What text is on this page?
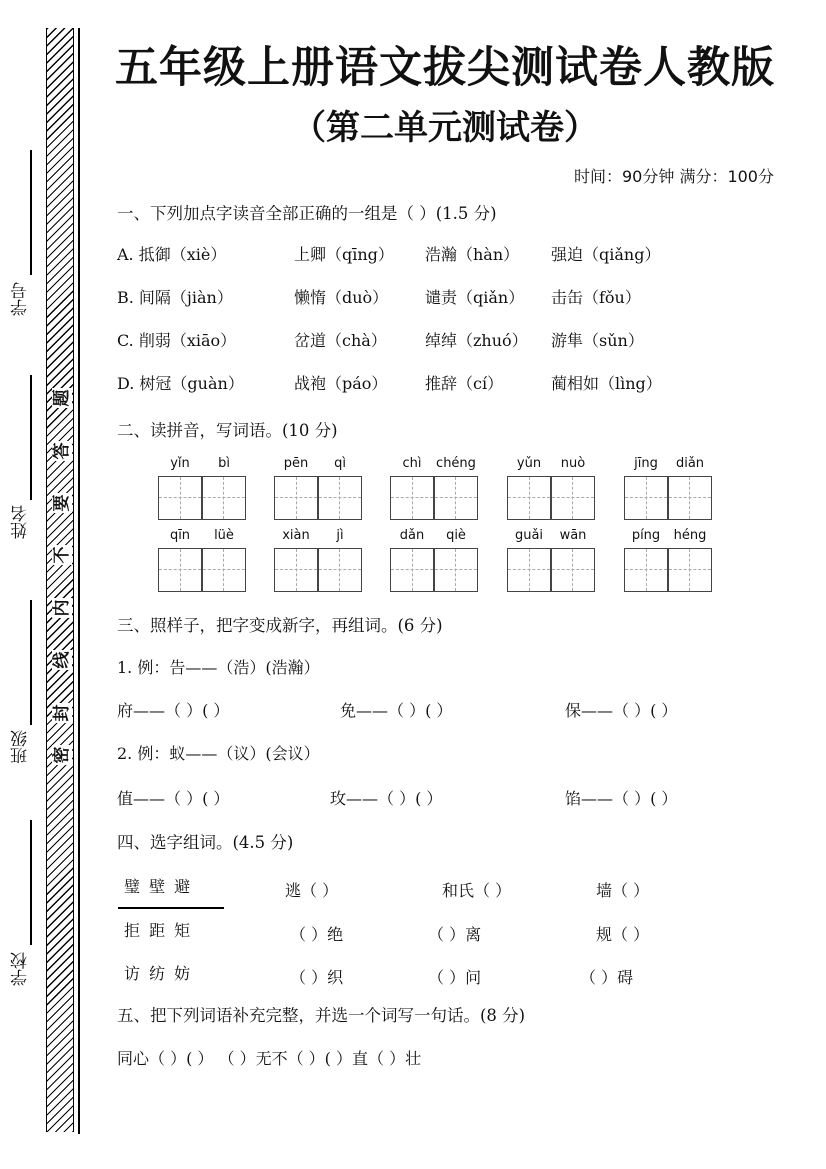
学号
姓名
班级
学校
密
封
线
内
不
要
答
题
五年级上册语文拔尖测试卷人教版
（第二单元测试卷）
时间：90分钟 满分：100分
一、下列加点字读音全部正确的一组是（ ）(1.5 分)
A. 抵御（xiè）	上卿（qīng） 浩瀚（hàn） 强迫（qiǎng）
B. 间隔（jiàn）	懒惰（duò） 谴责（qiǎn） 击缶（fǒu）
C. 削弱（xiāo）	岔道（chà） 绰绰（zhuó） 游隼（sǔn）
D. 树冠（guàn）	战袍（páo） 推辞（cí）	蔺相如（lìng）
二、读拼音，写词语。(10 分)
yǐn	bì	pēn	qì	chì	chéng	yǔn	nuò	jīng	diǎn
qīn	lüè	xiàn	jì	dǎn	qiè	guǎi	wān	píng	héng
三、照样子，把字变成新字，再组词。(6 分)
1. 例：告——（浩）(浩瀚）
府——（ ）( ）	免——（ ）( ）	保——（ ）( ）
2. 例：蚁——（议）(会议）
值——（ ）( ）	玫——（ ）( ）	馅——（ ）( ）
四、选字组词。(4.5 分)
璧 壁 避
拒 距 矩
访 纺 妨
逃（ ）	和氏（ ）	墙（ ）
（ ）绝	（ ）离	规（ ）
（ ）织	（ ）问	（ ）碍
五、把下列词语补充完整，并选一个词写一句话。(8 分)
同心（ ）( ） （ ）无不（ ）( ）直（ ）壮
